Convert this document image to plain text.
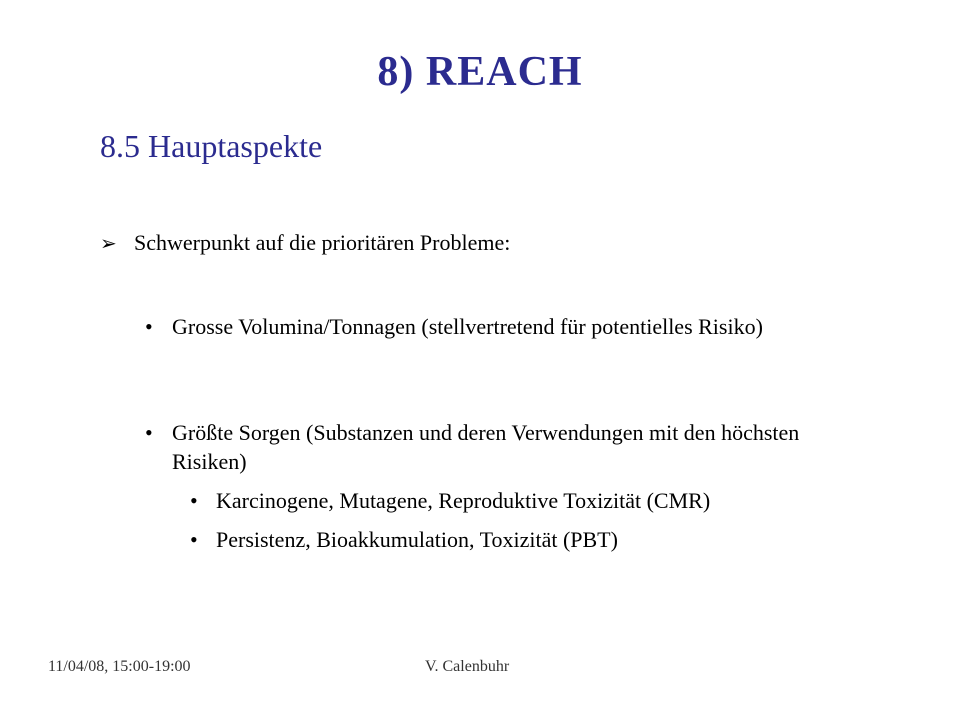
8) REACH
8.5 Hauptaspekte
➢ Schwerpunkt auf die prioritären Probleme:
• Grosse Volumina/Tonnagen (stellvertretend für potentielles Risiko)
• Größte Sorgen (Substanzen und deren Verwendungen mit den höchsten Risiken)
• Karcinogene, Mutagene, Reproduktive Toxizität (CMR)
• Persistenz, Bioakkumulation, Toxizität (PBT)
11/04/08, 15:00-19:00	V. Calenbuhr
